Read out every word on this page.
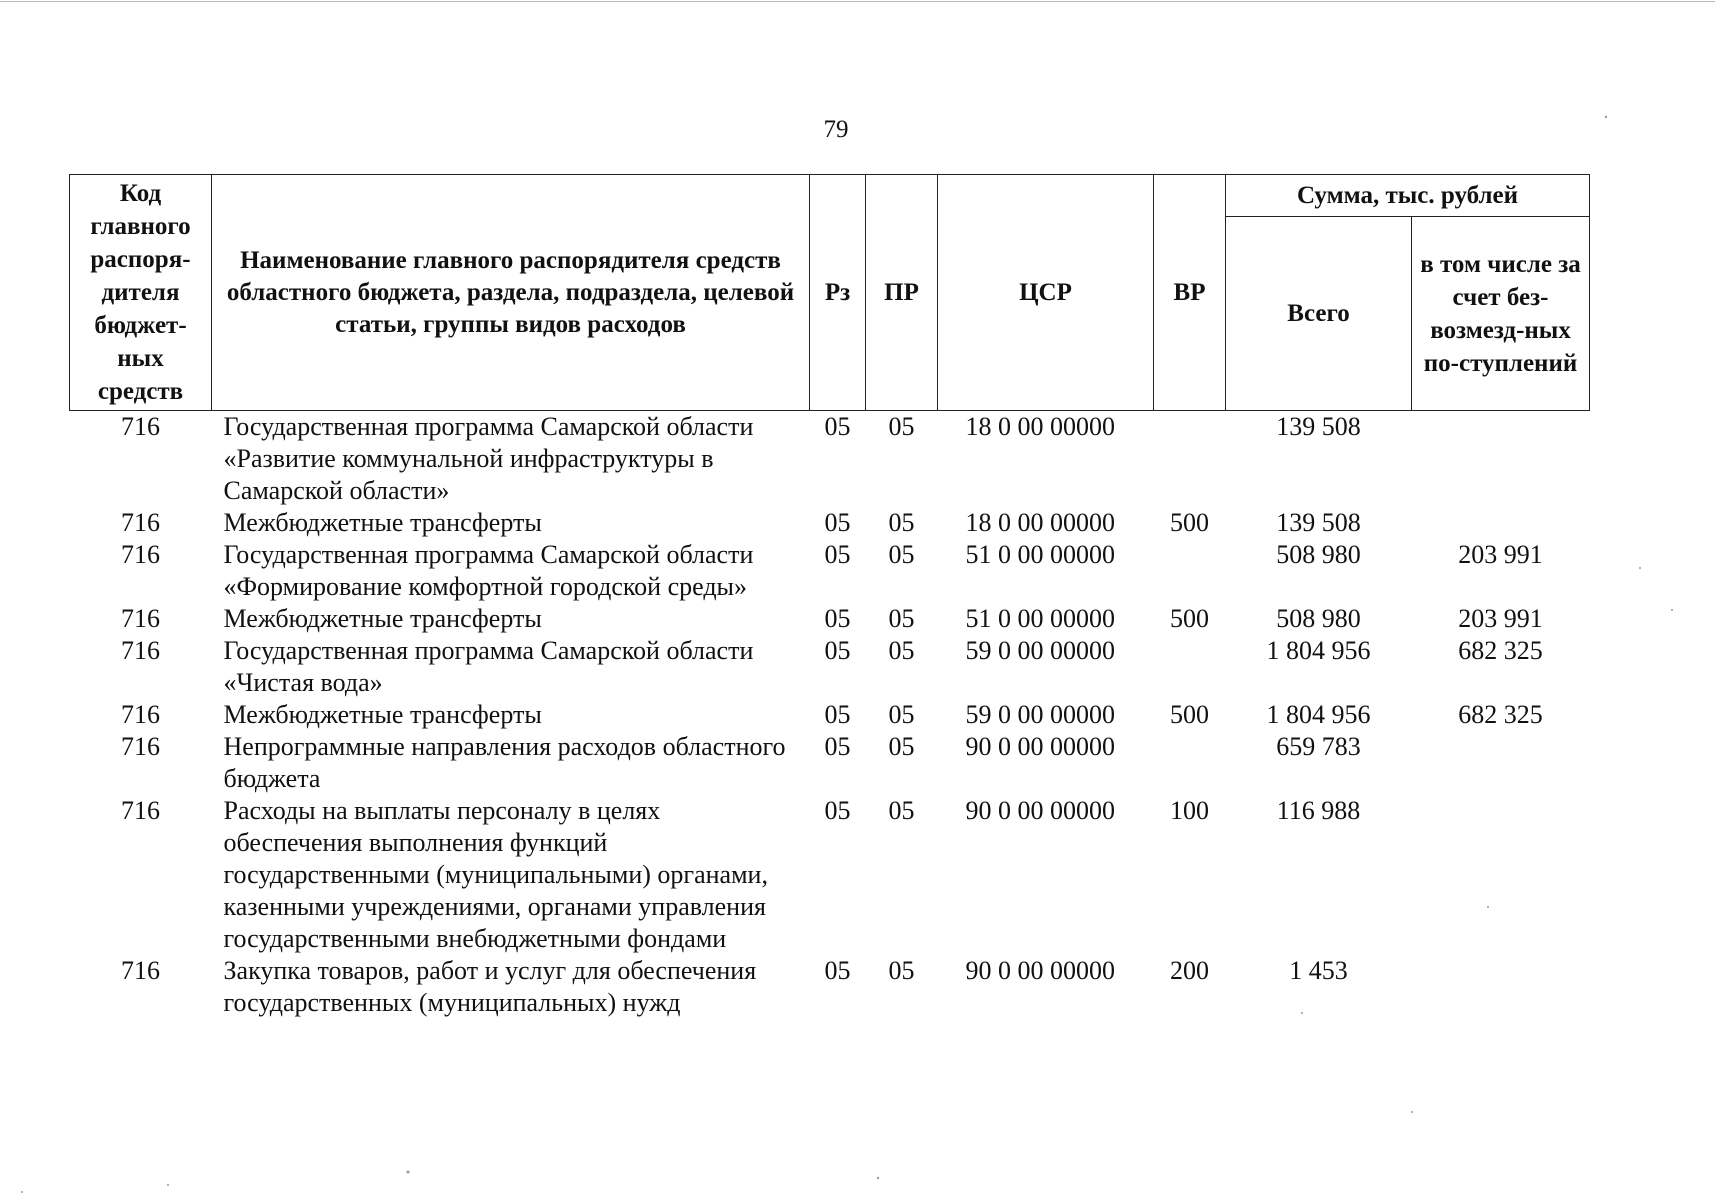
79
Код главного распоря-дителя бюджет-ных средств	Наименование главного распорядителя средств областного бюджета, раздела, подраздела, целевой статьи, группы видов расходов	Рз	ПР	ЦСР	ВР	Сумма, тыс. рублей	
						Всего	в том числе за счет без-возмезд-ных по-ступлений
716	Государственная программа Самарской области «Развитие коммунальной инфраструктуры в Самарской области»	05	05	18 0 00 00000		139 508	
716	Межбюджетные трансферты	05	05	18 0 00 00000	500	139 508	
716	Государственная программа Самарской области «Формирование комфортной городской среды»	05	05	51 0 00 00000		508 980	203 991
716	Межбюджетные трансферты	05	05	51 0 00 00000	500	508 980	203 991
716	Государственная программа Самарской области «Чистая вода»	05	05	59 0 00 00000		1 804 956	682 325
716	Межбюджетные трансферты	05	05	59 0 00 00000	500	1 804 956	682 325
716	Непрограммные направления расходов областного бюджета	05	05	90 0 00 00000		659 783	
716	Расходы на выплаты персоналу в целях обеспечения выполнения функций государственными (муниципальными) органами, казенными учреждениями, органами управления государственными внебюджетными фондами	05	05	90 0 00 00000	100	116 988	
716	Закупка товаров, работ и услуг для обеспечения государственных (муниципальных) нужд	05	05	90 0 00 00000	200	1 453	
